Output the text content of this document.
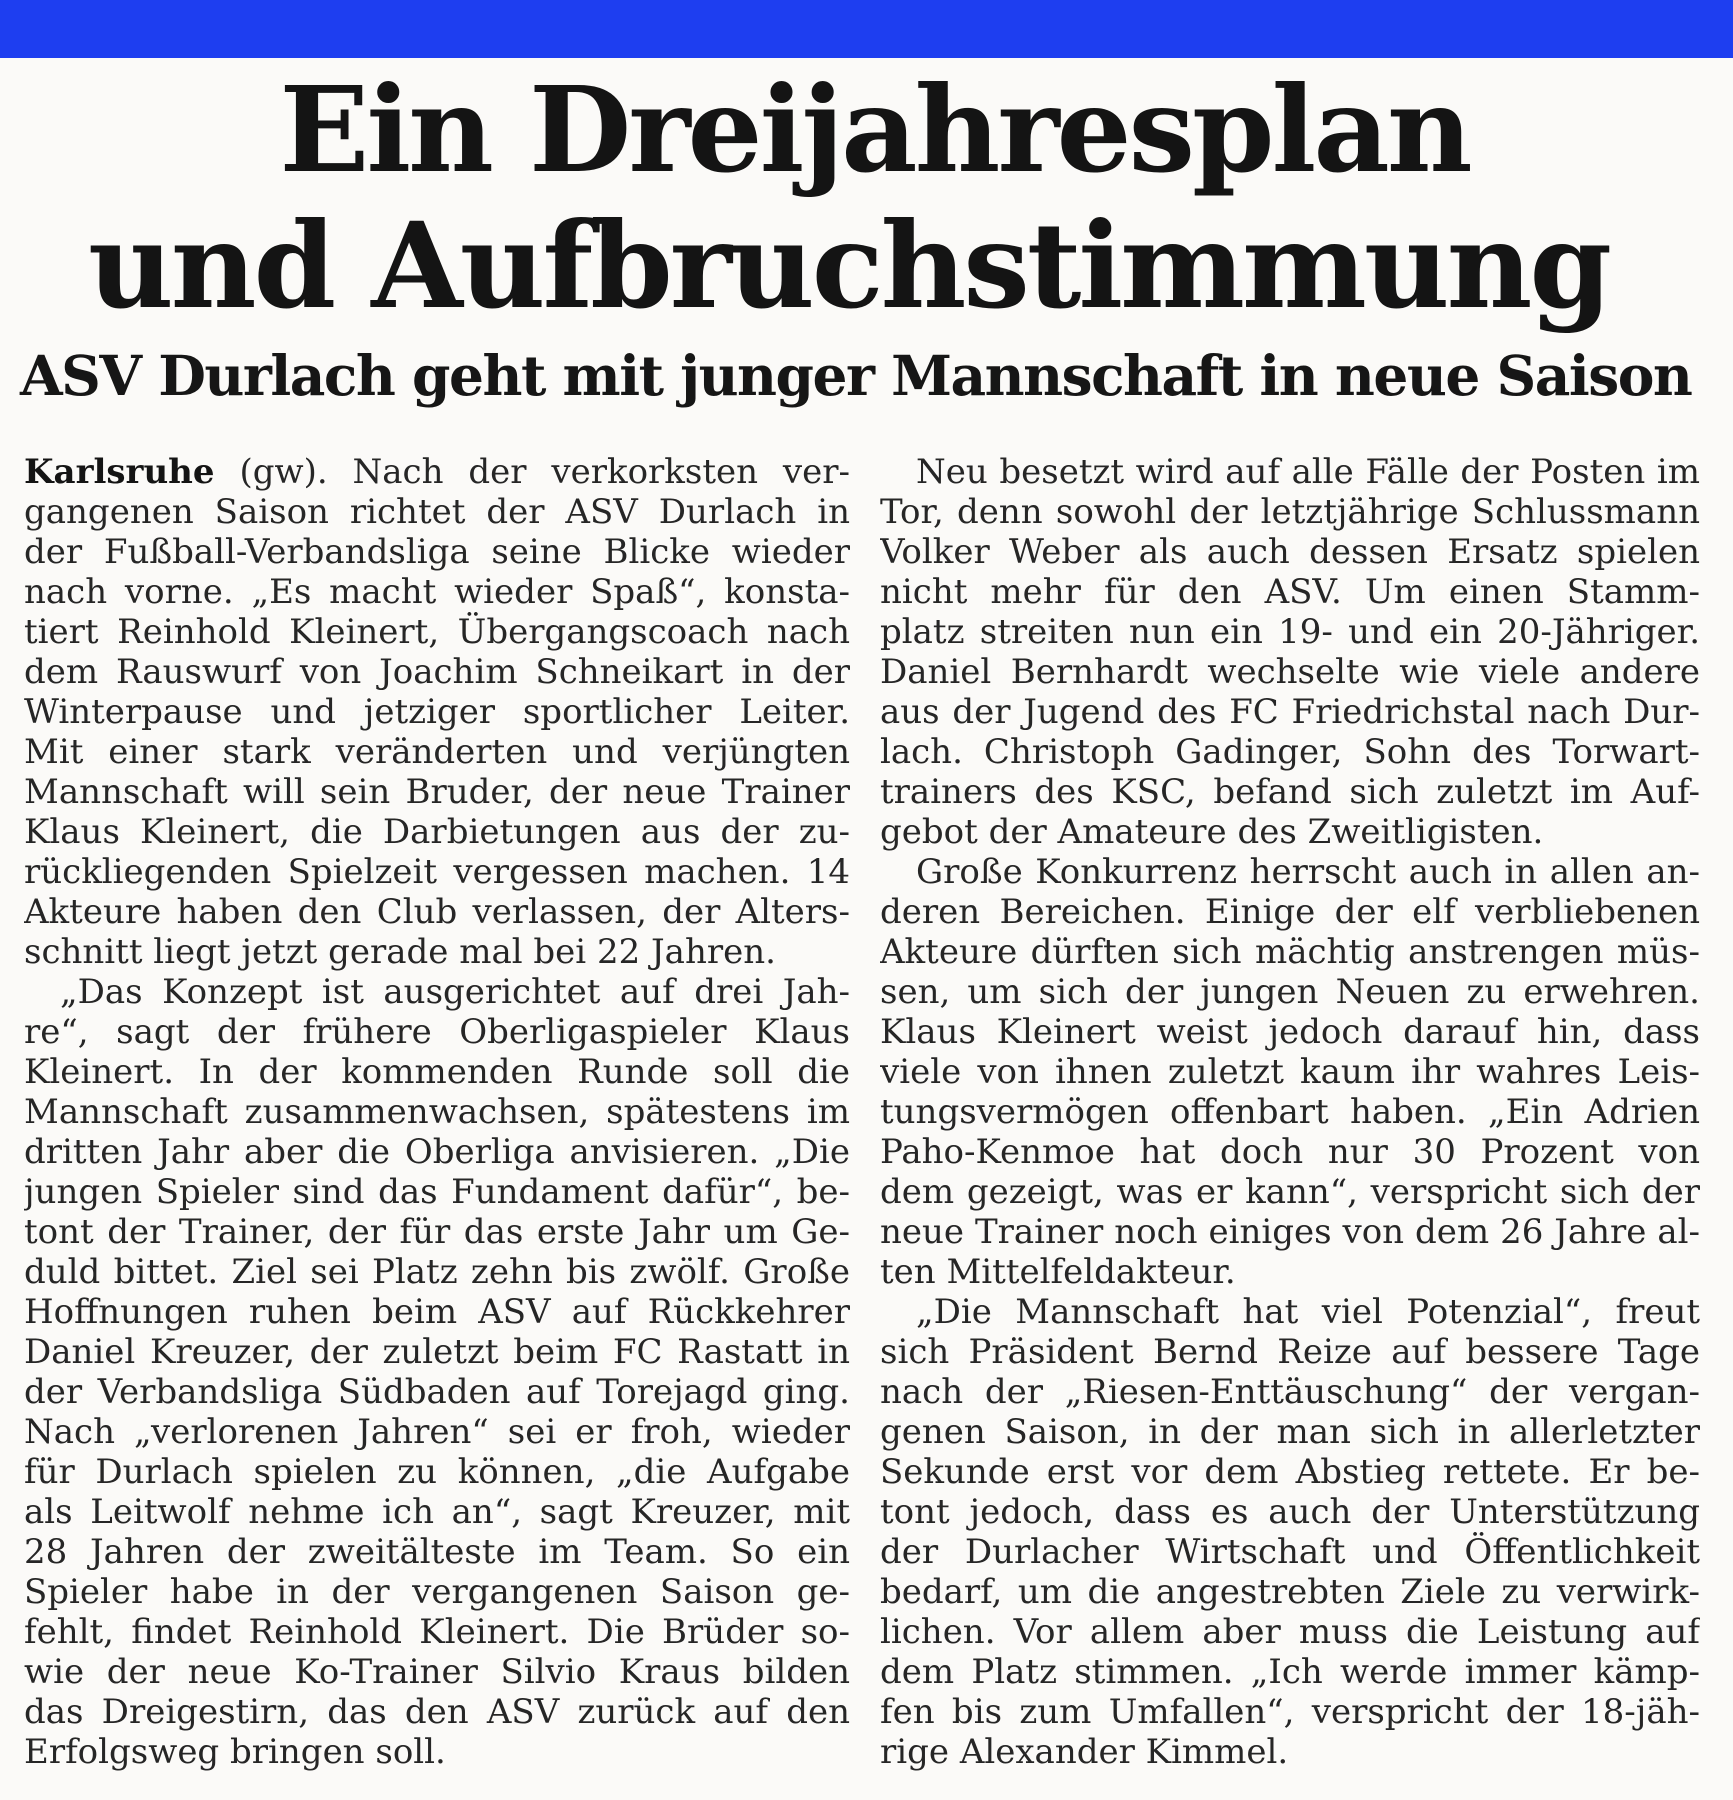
Ein Dreijahresplan
und Aufbruchstimmung
ASV Durlach geht mit junger Mannschaft in neue Saison
Karlsruhe (gw). Nach der verkorksten ver-
gangenen Saison richtet der ASV Durlach in
der Fußball-Verbandsliga seine Blicke wieder
nach vorne. „Es macht wieder Spaß“, konsta-
tiert Reinhold Kleinert, Übergangscoach nach
dem Rauswurf von Joachim Schneikart in der
Winterpause und jetziger sportlicher Leiter.
Mit einer stark veränderten und verjüngten
Mannschaft will sein Bruder, der neue Trainer
Klaus Kleinert, die Darbietungen aus der zu-
rückliegenden Spielzeit vergessen machen. 14
Akteure haben den Club verlassen, der Alters-
schnitt liegt jetzt gerade mal bei 22 Jahren.
„Das Konzept ist ausgerichtet auf drei Jah-
re“, sagt der frühere Oberligaspieler Klaus
Kleinert. In der kommenden Runde soll die
Mannschaft zusammenwachsen, spätestens im
dritten Jahr aber die Oberliga anvisieren. „Die
jungen Spieler sind das Fundament dafür“, be-
tont der Trainer, der für das erste Jahr um Ge-
duld bittet. Ziel sei Platz zehn bis zwölf. Große
Hoffnungen ruhen beim ASV auf Rückkehrer
Daniel Kreuzer, der zuletzt beim FC Rastatt in
der Verbandsliga Südbaden auf Torejagd ging.
Nach „verlorenen Jahren“ sei er froh, wieder
für Durlach spielen zu können, „die Aufgabe
als Leitwolf nehme ich an“, sagt Kreuzer, mit
28 Jahren der zweitälteste im Team. So ein
Spieler habe in der vergangenen Saison ge-
fehlt, findet Reinhold Kleinert. Die Brüder so-
wie der neue Ko-Trainer Silvio Kraus bilden
das Dreigestirn, das den ASV zurück auf den
Erfolgsweg bringen soll.
Neu besetzt wird auf alle Fälle der Posten im
Tor, denn sowohl der letztjährige Schlussmann
Volker Weber als auch dessen Ersatz spielen
nicht mehr für den ASV. Um einen Stamm-
platz streiten nun ein 19- und ein 20-Jähriger.
Daniel Bernhardt wechselte wie viele andere
aus der Jugend des FC Friedrichstal nach Dur-
lach. Christoph Gadinger, Sohn des Torwart-
trainers des KSC, befand sich zuletzt im Auf-
gebot der Amateure des Zweitligisten.
Große Konkurrenz herrscht auch in allen an-
deren Bereichen. Einige der elf verbliebenen
Akteure dürften sich mächtig anstrengen müs-
sen, um sich der jungen Neuen zu erwehren.
Klaus Kleinert weist jedoch darauf hin, dass
viele von ihnen zuletzt kaum ihr wahres Leis-
tungsvermögen offenbart haben. „Ein Adrien
Paho-Kenmoe hat doch nur 30 Prozent von
dem gezeigt, was er kann“, verspricht sich der
neue Trainer noch einiges von dem 26 Jahre al-
ten Mittelfeldakteur.
„Die Mannschaft hat viel Potenzial“, freut
sich Präsident Bernd Reize auf bessere Tage
nach der „Riesen-Enttäuschung“ der vergan-
genen Saison, in der man sich in allerletzter
Sekunde erst vor dem Abstieg rettete. Er be-
tont jedoch, dass es auch der Unterstützung
der Durlacher Wirtschaft und Öffentlichkeit
bedarf, um die angestrebten Ziele zu verwirk-
lichen. Vor allem aber muss die Leistung auf
dem Platz stimmen. „Ich werde immer kämp-
fen bis zum Umfallen“, verspricht der 18-jäh-
rige Alexander Kimmel.
